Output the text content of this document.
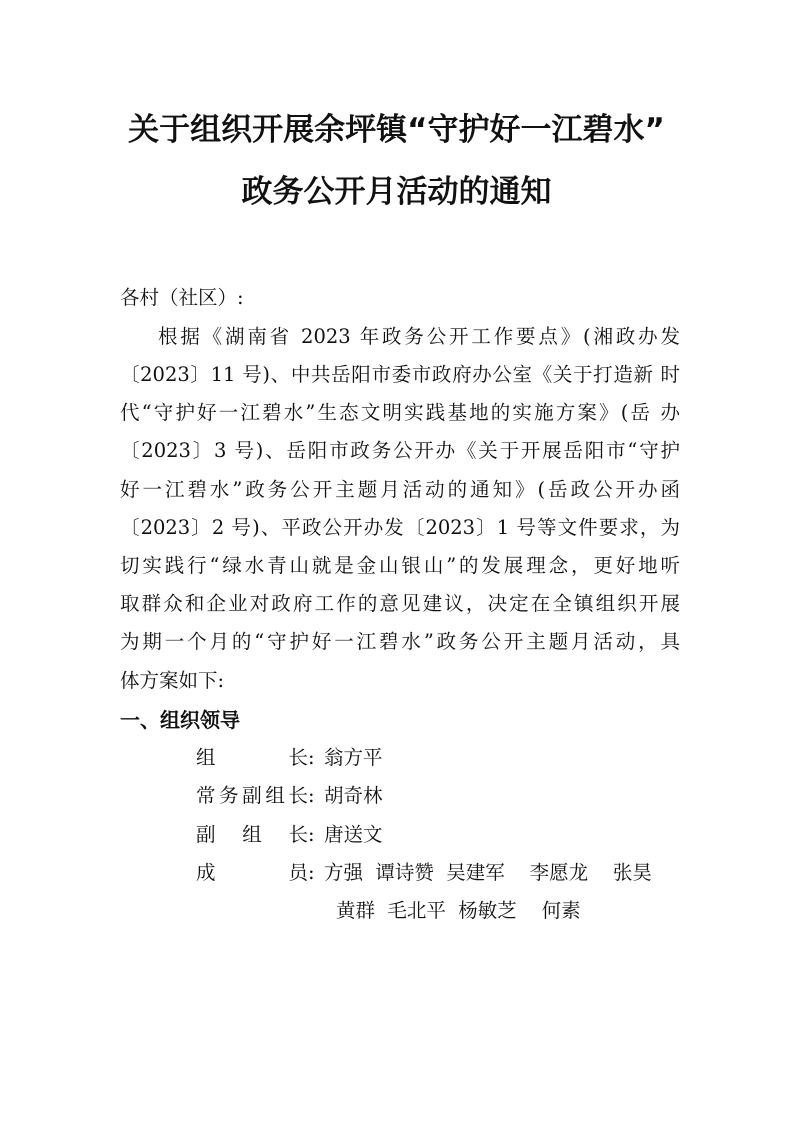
关于组织开展余坪镇“守护好一江碧水”
政务公开月活动的通知
各村（社区）:
根据《湖南省 2023 年政务公开工作要点》(湘政办发
〔2023〕11 号)、中共岳阳市委市政府办公室《关于打造新 时
代“守护好一江碧水”生态文明实践基地的实施方案》(岳 办
〔2023〕3 号)、岳阳市政务公开办《关于开展岳阳市“守护
好一江碧水”政务公开主题月活动的通知》(岳政公开办函
〔2023〕2 号)、平政公开办发〔2023〕1 号等文件要求，为
切实践行“绿水青山就是金山银山”的发展理念，更好地听
取群众和企业对政府工作的意见建议，决定在全镇组织开展
为期一个月的“守护好一江碧水”政务公开主题月活动，具
体方案如下:
一、组织领导
组长 : 翁方平
常务副组长 : 胡奇林
副组长 : 唐送文
成员 : 方强  谭诗赞  吴建军    李愿龙    张昊
黄群  毛北平  杨敏芝    何素
